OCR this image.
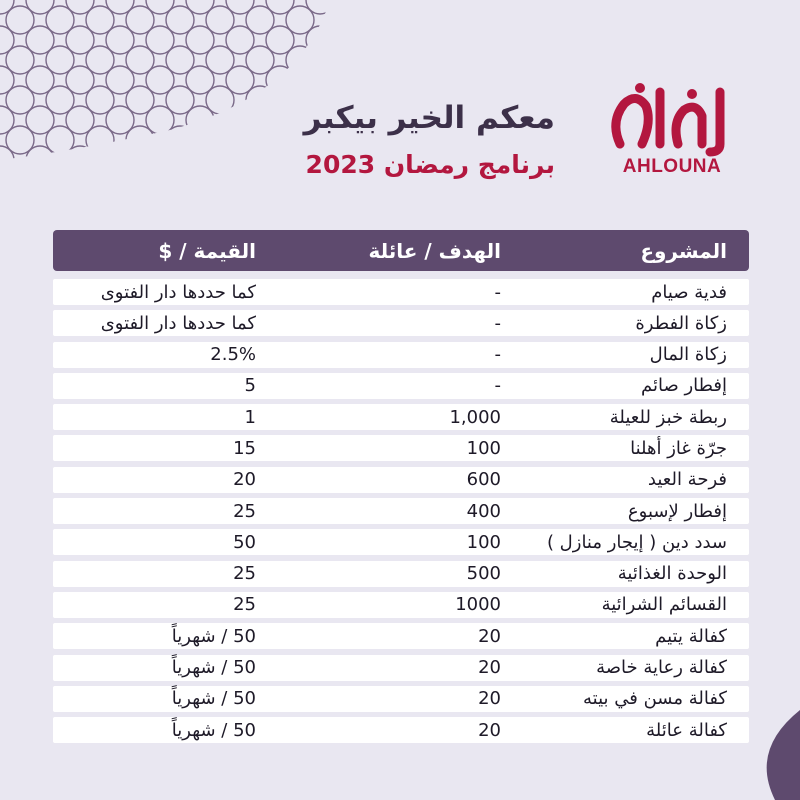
معكم الخير بيكبر
برنامج رمضان 2023	AHLOUNA
المشروع
الهدف / عائلة
القيمة / $
فدية صيام
-
كما حددها دار الفتوى
زكاة الفطرة
-
كما حددها دار الفتوى
زكاة المال
-
2.5%
إفطار صائم
-
5
ربطة خبز للعيلة
1,000
1
جرّة غاز أهلنا
100
15
فرحة العيد
600
20
إفطار لإسبوع
400
25
سدد دين ( إيجار منازل )
100
50
الوحدة الغذائية
500
25
القسائم الشرائية
1000
25
كفالة يتيم
20
50 / شهرياً
كفالة رعاية خاصة
20
50 / شهرياً
كفالة مسن في بيته
20
50 / شهرياً
كفالة عائلة
20
50 / شهرياً
